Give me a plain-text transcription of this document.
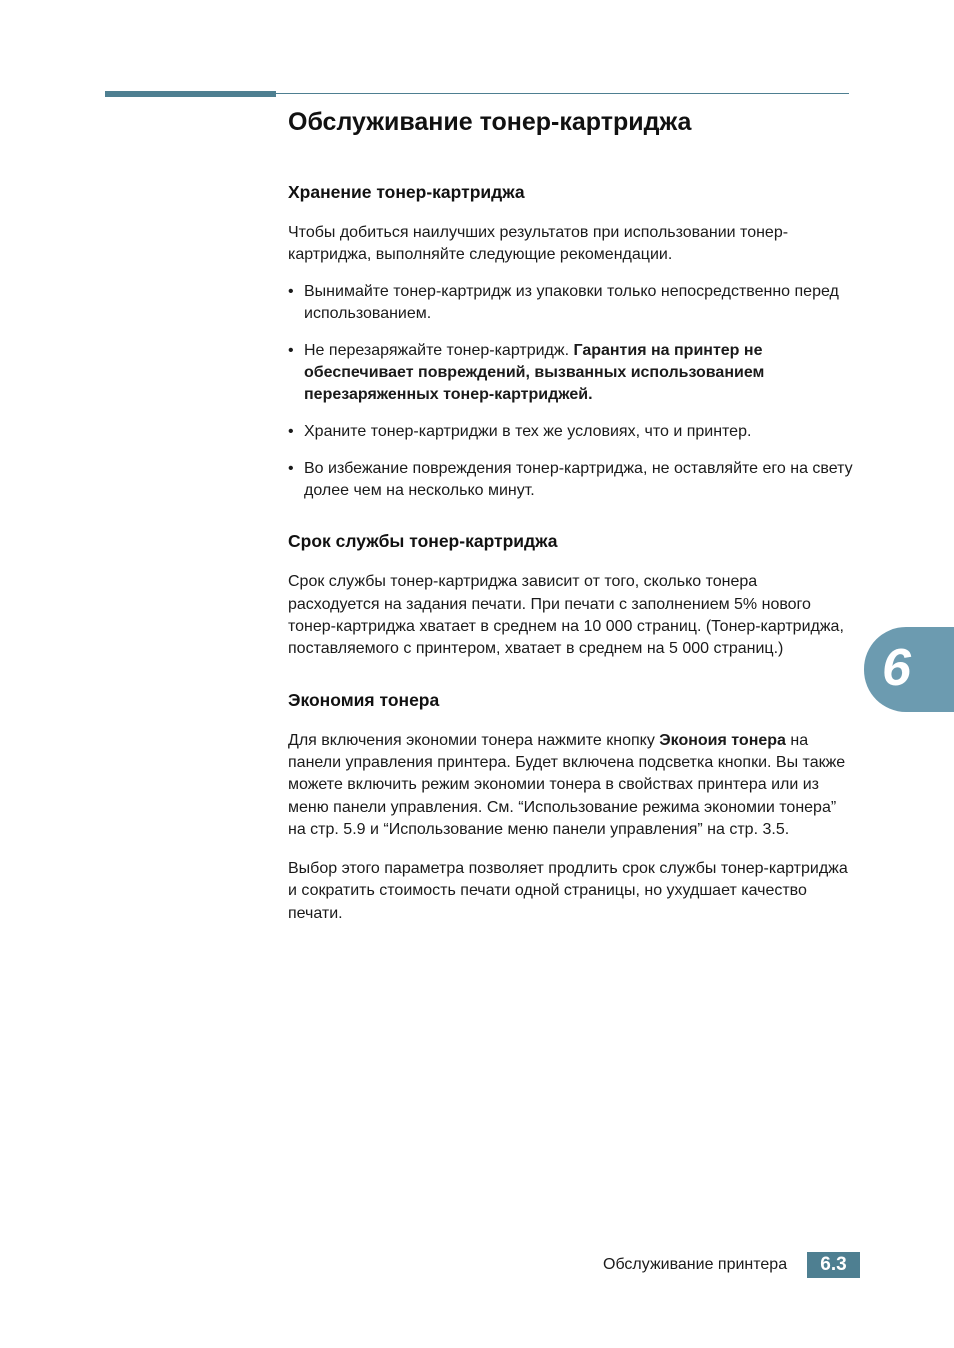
Обслуживание тонер-картриджа
Хранение тонер-картриджа

Чтобы добиться наилучших результатов при использовании тонер-картриджа, выполняйте следующие рекомендации.

• Вынимайте тонер-картридж из упаковки только непосредственно перед использованием.
• Не перезаряжайте тонер-картридж. Гарантия на принтер не обеспечивает повреждений, вызванных использованием перезаряженных тонер-картриджей.
• Храните тонер-картриджи в тех же условиях, что и принтер.
• Во избежание повреждения тонер-картриджа, не оставляйте его на свету долее чем на несколько минут.
Срок службы тонер-картриджа

Срок службы тонер-картриджа зависит от того, сколько тонера расходуется на задания печати. При печати с заполнением 5% нового тонер-картриджа хватает в среднем на 10 000 страниц. (Тонер-картриджа, поставляемого с принтером, хватает в среднем на 5 000 страниц.)

Экономия тонера

Для включения экономии тонера нажмите кнопку Эконоия тонера на панели управления принтера. Будет включена подсветка кнопки. Вы также можете включить режим экономии тонера в свойствах принтера или из меню панели управления. См. “Использование режима экономии тонера” на стр. 5.9 и “Использование меню панели управления” на стр. 3.5.

Выбор этого параметра позволяет продлить срок службы тонер-картриджа и сократить стоимость печати одной страницы, но ухудшает качество печати.

6
Обслуживание принтера	6.3
